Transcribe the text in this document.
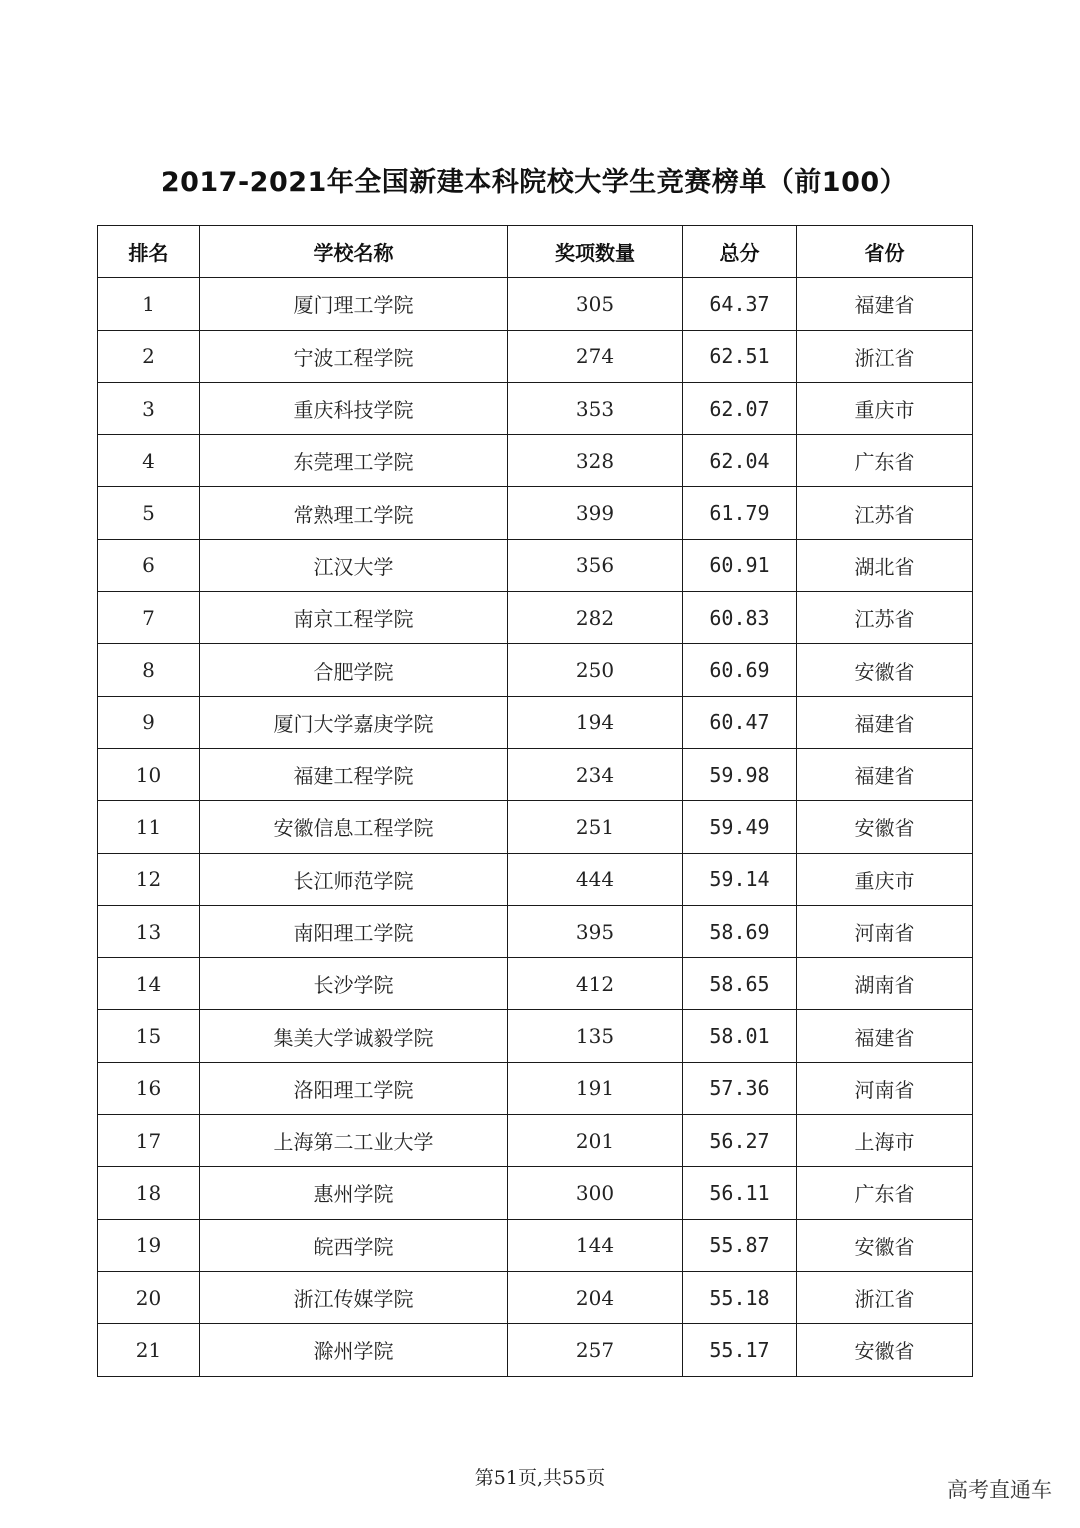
2017-2021年全国新建本科院校大学生竞赛榜单（前100）
排名	学校名称	奖项数量	总分	省份
1	厦门理工学院	305	64.37	福建省
2	宁波工程学院	274	62.51	浙江省
3	重庆科技学院	353	62.07	重庆市
4	东莞理工学院	328	62.04	广东省
5	常熟理工学院	399	61.79	江苏省
6	江汉大学	356	60.91	湖北省
7	南京工程学院	282	60.83	江苏省
8	合肥学院	250	60.69	安徽省
9	厦门大学嘉庚学院	194	60.47	福建省
10	福建工程学院	234	59.98	福建省
11	安徽信息工程学院	251	59.49	安徽省
12	长江师范学院	444	59.14	重庆市
13	南阳理工学院	395	58.69	河南省
14	长沙学院	412	58.65	湖南省
15	集美大学诚毅学院	135	58.01	福建省
16	洛阳理工学院	191	57.36	河南省
17	上海第二工业大学	201	56.27	上海市
18	惠州学院	300	56.11	广东省
19	皖西学院	144	55.87	安徽省
20	浙江传媒学院	204	55.18	浙江省
21	滁州学院	257	55.17	安徽省
第51页,共55页	高考直通车
